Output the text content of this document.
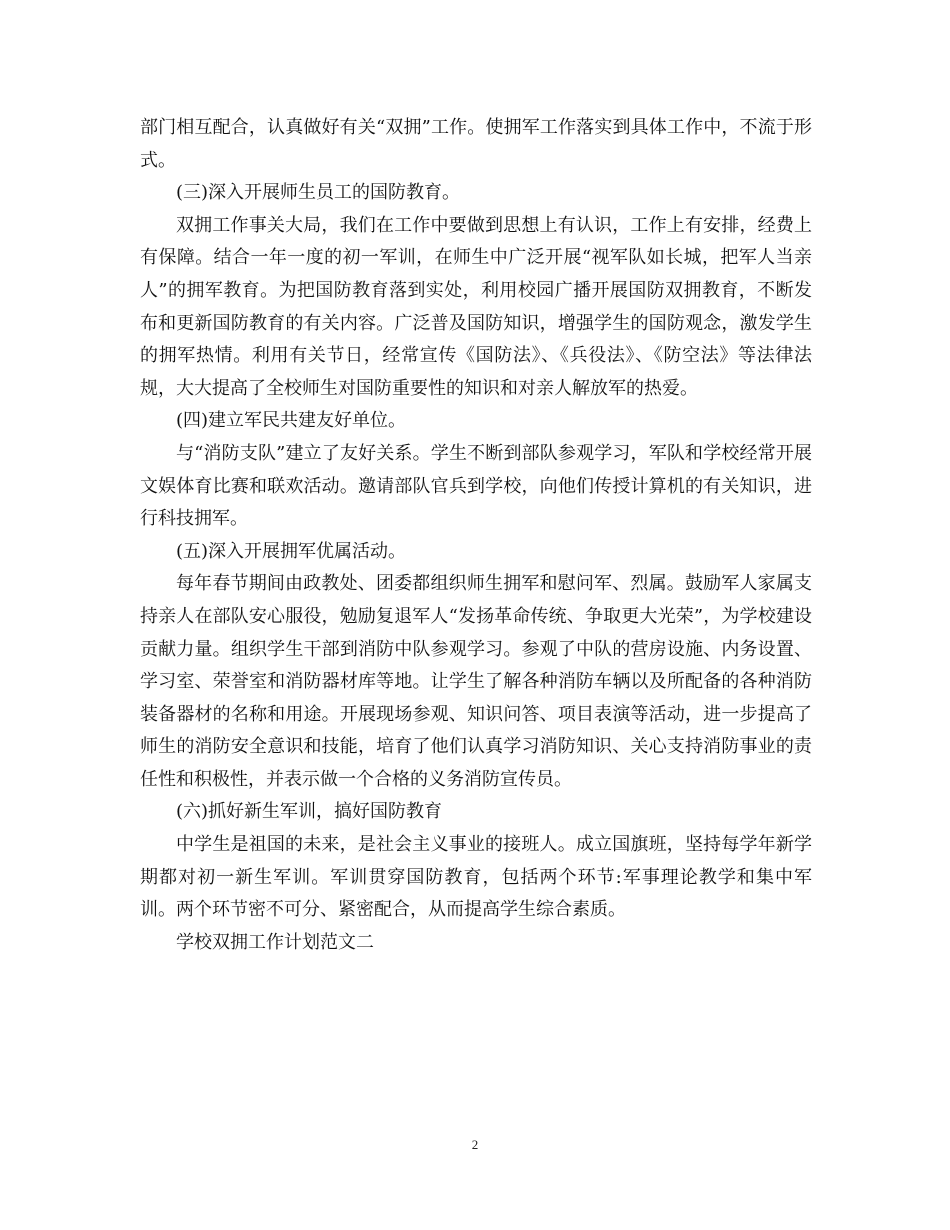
部门相互配合，认真做好有关“双拥”工作。使拥军工作落实到具体工作中，不流于形式。

(三)深入开展师生员工的国防教育。

双拥工作事关大局，我们在工作中要做到思想上有认识，工作上有安排，经费上有保障。结合一年一度的初一军训，在师生中广泛开展“视军队如长城，把军人当亲人”的拥军教育。为把国防教育落到实处，利用校园广播开展国防双拥教育，不断发布和更新国防教育的有关内容。广泛普及国防知识，增强学生的国防观念，激发学生的拥军热情。利用有关节日，经常宣传《国防法》、《兵役法》、《防空法》等法律法规，大大提高了全校师生对国防重要性的知识和对亲人解放军的热爱。

(四)建立军民共建友好单位。

与“消防支队”建立了友好关系。学生不断到部队参观学习，军队和学校经常开展文娱体育比赛和联欢活动。邀请部队官兵到学校，向他们传授计算机的有关知识，进行科技拥军。

(五)深入开展拥军优属活动。

每年春节期间由政教处、团委都组织师生拥军和慰问军、烈属。鼓励军人家属支持亲人在部队安心服役，勉励复退军人“发扬革命传统、争取更大光荣”，为学校建设贡献力量。组织学生干部到消防中队参观学习。参观了中队的营房设施、内务设置、学习室、荣誉室和消防器材库等地。让学生了解各种消防车辆以及所配备的各种消防装备器材的名称和用途。开展现场参观、知识问答、项目表演等活动，进一步提高了师生的消防安全意识和技能，培育了他们认真学习消防知识、关心支持消防事业的责任性和积极性，并表示做一个合格的义务消防宣传员。

(六)抓好新生军训，搞好国防教育

中学生是祖国的未来，是社会主义事业的接班人。成立国旗班，坚持每学年新学期都对初一新生军训。军训贯穿国防教育，包括两个环节:军事理论教学和集中军训。两个环节密不可分、紧密配合，从而提高学生综合素质。

学校双拥工作计划范文二

2
